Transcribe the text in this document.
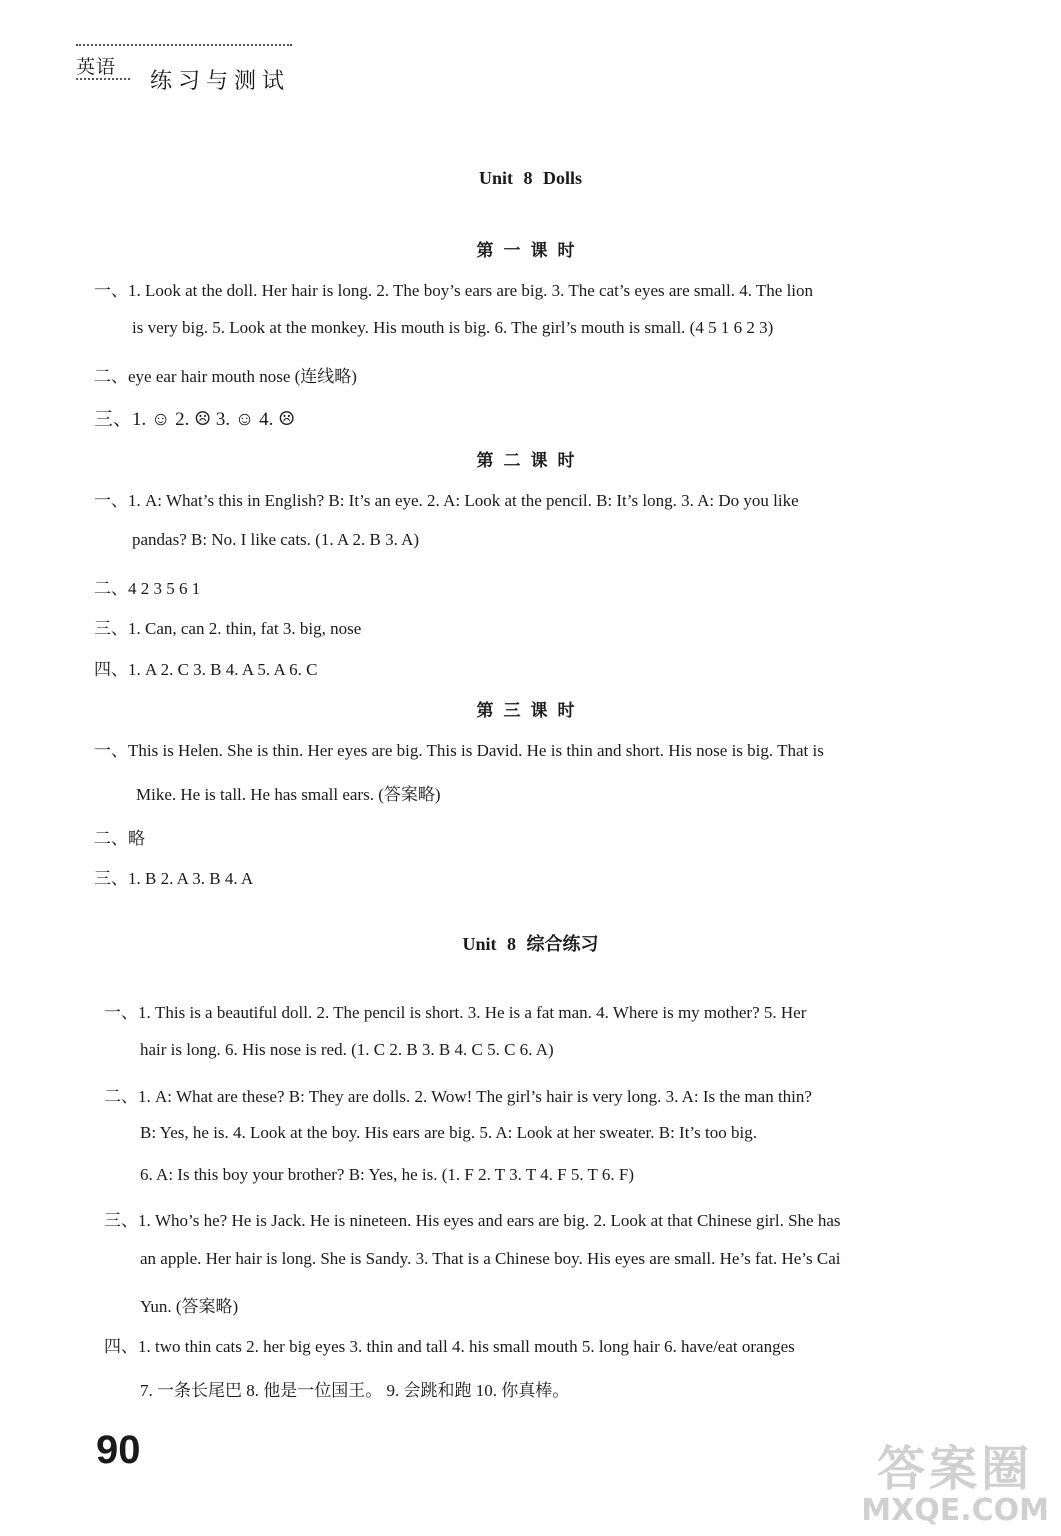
英语
练习与测试
Unit 8 Dolls
第一课时
一、1. Look at the doll. Her hair is long. 2. The boy’s ears are big. 3. The cat’s eyes are small. 4. The lion
is very big. 5. Look at the monkey. His mouth is big. 6. The girl’s mouth is small. (4 5 1 6 2 3)
二、eye ear hair mouth nose (连线略)
三、1. ☺ 2. ☹ 3. ☺ 4. ☹
第二课时
一、1. A: What’s this in English? B: It’s an eye. 2. A: Look at the pencil. B: It’s long. 3. A: Do you like
pandas? B: No. I like cats. (1. A 2. B 3. A)
二、4 2 3 5 6 1
三、1. Can, can 2. thin, fat 3. big, nose
四、1. A 2. C 3. B 4. A 5. A 6. C
第三课时
一、This is Helen. She is thin. Her eyes are big. This is David. He is thin and short. His nose is big. That is
Mike. He is tall. He has small ears. (答案略)
二、略
三、1. B 2. A 3. B 4. A
Unit 8 综合练习
一、1. This is a beautiful doll. 2. The pencil is short. 3. He is a fat man. 4. Where is my mother? 5. Her
hair is long. 6. His nose is red. (1. C 2. B 3. B 4. C 5. C 6. A)
二、1. A: What are these? B: They are dolls. 2. Wow! The girl’s hair is very long. 3. A: Is the man thin?
B: Yes, he is. 4. Look at the boy. His ears are big. 5. A: Look at her sweater. B: It’s too big.
6. A: Is this boy your brother? B: Yes, he is. (1. F 2. T 3. T 4. F 5. T 6. F)
三、1. Who’s he? He is Jack. He is nineteen. His eyes and ears are big. 2. Look at that Chinese girl. She has
an apple. Her hair is long. She is Sandy. 3. That is a Chinese boy. His eyes are small. He’s fat. He’s Cai
Yun. (答案略)
四、1. two thin cats 2. her big eyes 3. thin and tall 4. his small mouth 5. long hair 6. have/eat oranges
7. 一条长尾巴 8. 他是一位国王。 9. 会跳和跑 10. 你真棒。
90	答案圈
MXQE.COM
